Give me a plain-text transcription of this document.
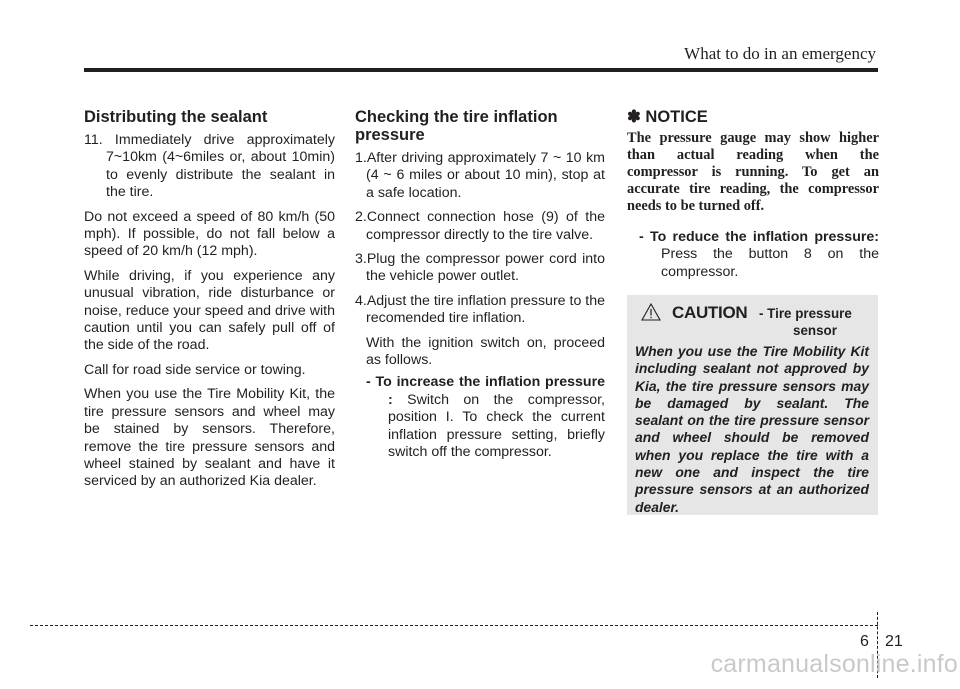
What to do in an emergency
Distributing the sealant
11. Immediately drive approximately 7~10km (4~6miles or, about 10min) to evenly distribute the sealant in the tire.

Do not exceed a speed of 80 km/h (50 mph). If possible, do not fall below a speed of 20 km/h (12 mph).

While driving, if you experience any unusual vibration, ride disturbance or noise, reduce your speed and drive with caution until you can safely pull off of the side of the road.

Call for road side service or towing.

When you use the Tire Mobility Kit, the tire pressure sensors and wheel may be stained by sensors. Therefore, remove the tire pressure sensors and wheel stained by sealant and have it serviced by an authorized Kia dealer.

Checking the tire inflation pressure
1.After driving approximately 7 ~ 10 km (4 ~ 6 miles or about 10 min), stop at a safe location.
2.Connect connection hose (9) of the compressor directly to the tire valve.
3.Plug the compressor power cord into the vehicle power outlet.
4.Adjust the tire inflation pressure to the recomended tire inflation.
With the ignition switch on, proceed as follows.
- To increase the inflation pressure : Switch on the compressor, position I. To check the current inflation pressure setting, briefly switch off the compressor.
✽ NOTICE
The pressure gauge may show higher than actual reading when the compressor is running. To get an accurate tire reading, the compressor needs to be turned off.
- To reduce the inflation pressure: Press the button 8 on the compressor.
CAUTION - Tire pressure
sensor
When you use the Tire Mobility Kit including sealant not approved by Kia, the tire pressure sensors may be damaged by sealant. The sealant on the tire pressure sensor and wheel should be removed when you replace the tire with a new one and inspect the tire pressure sensors at an authorized dealer.
6 21
carmanualsonline.info
